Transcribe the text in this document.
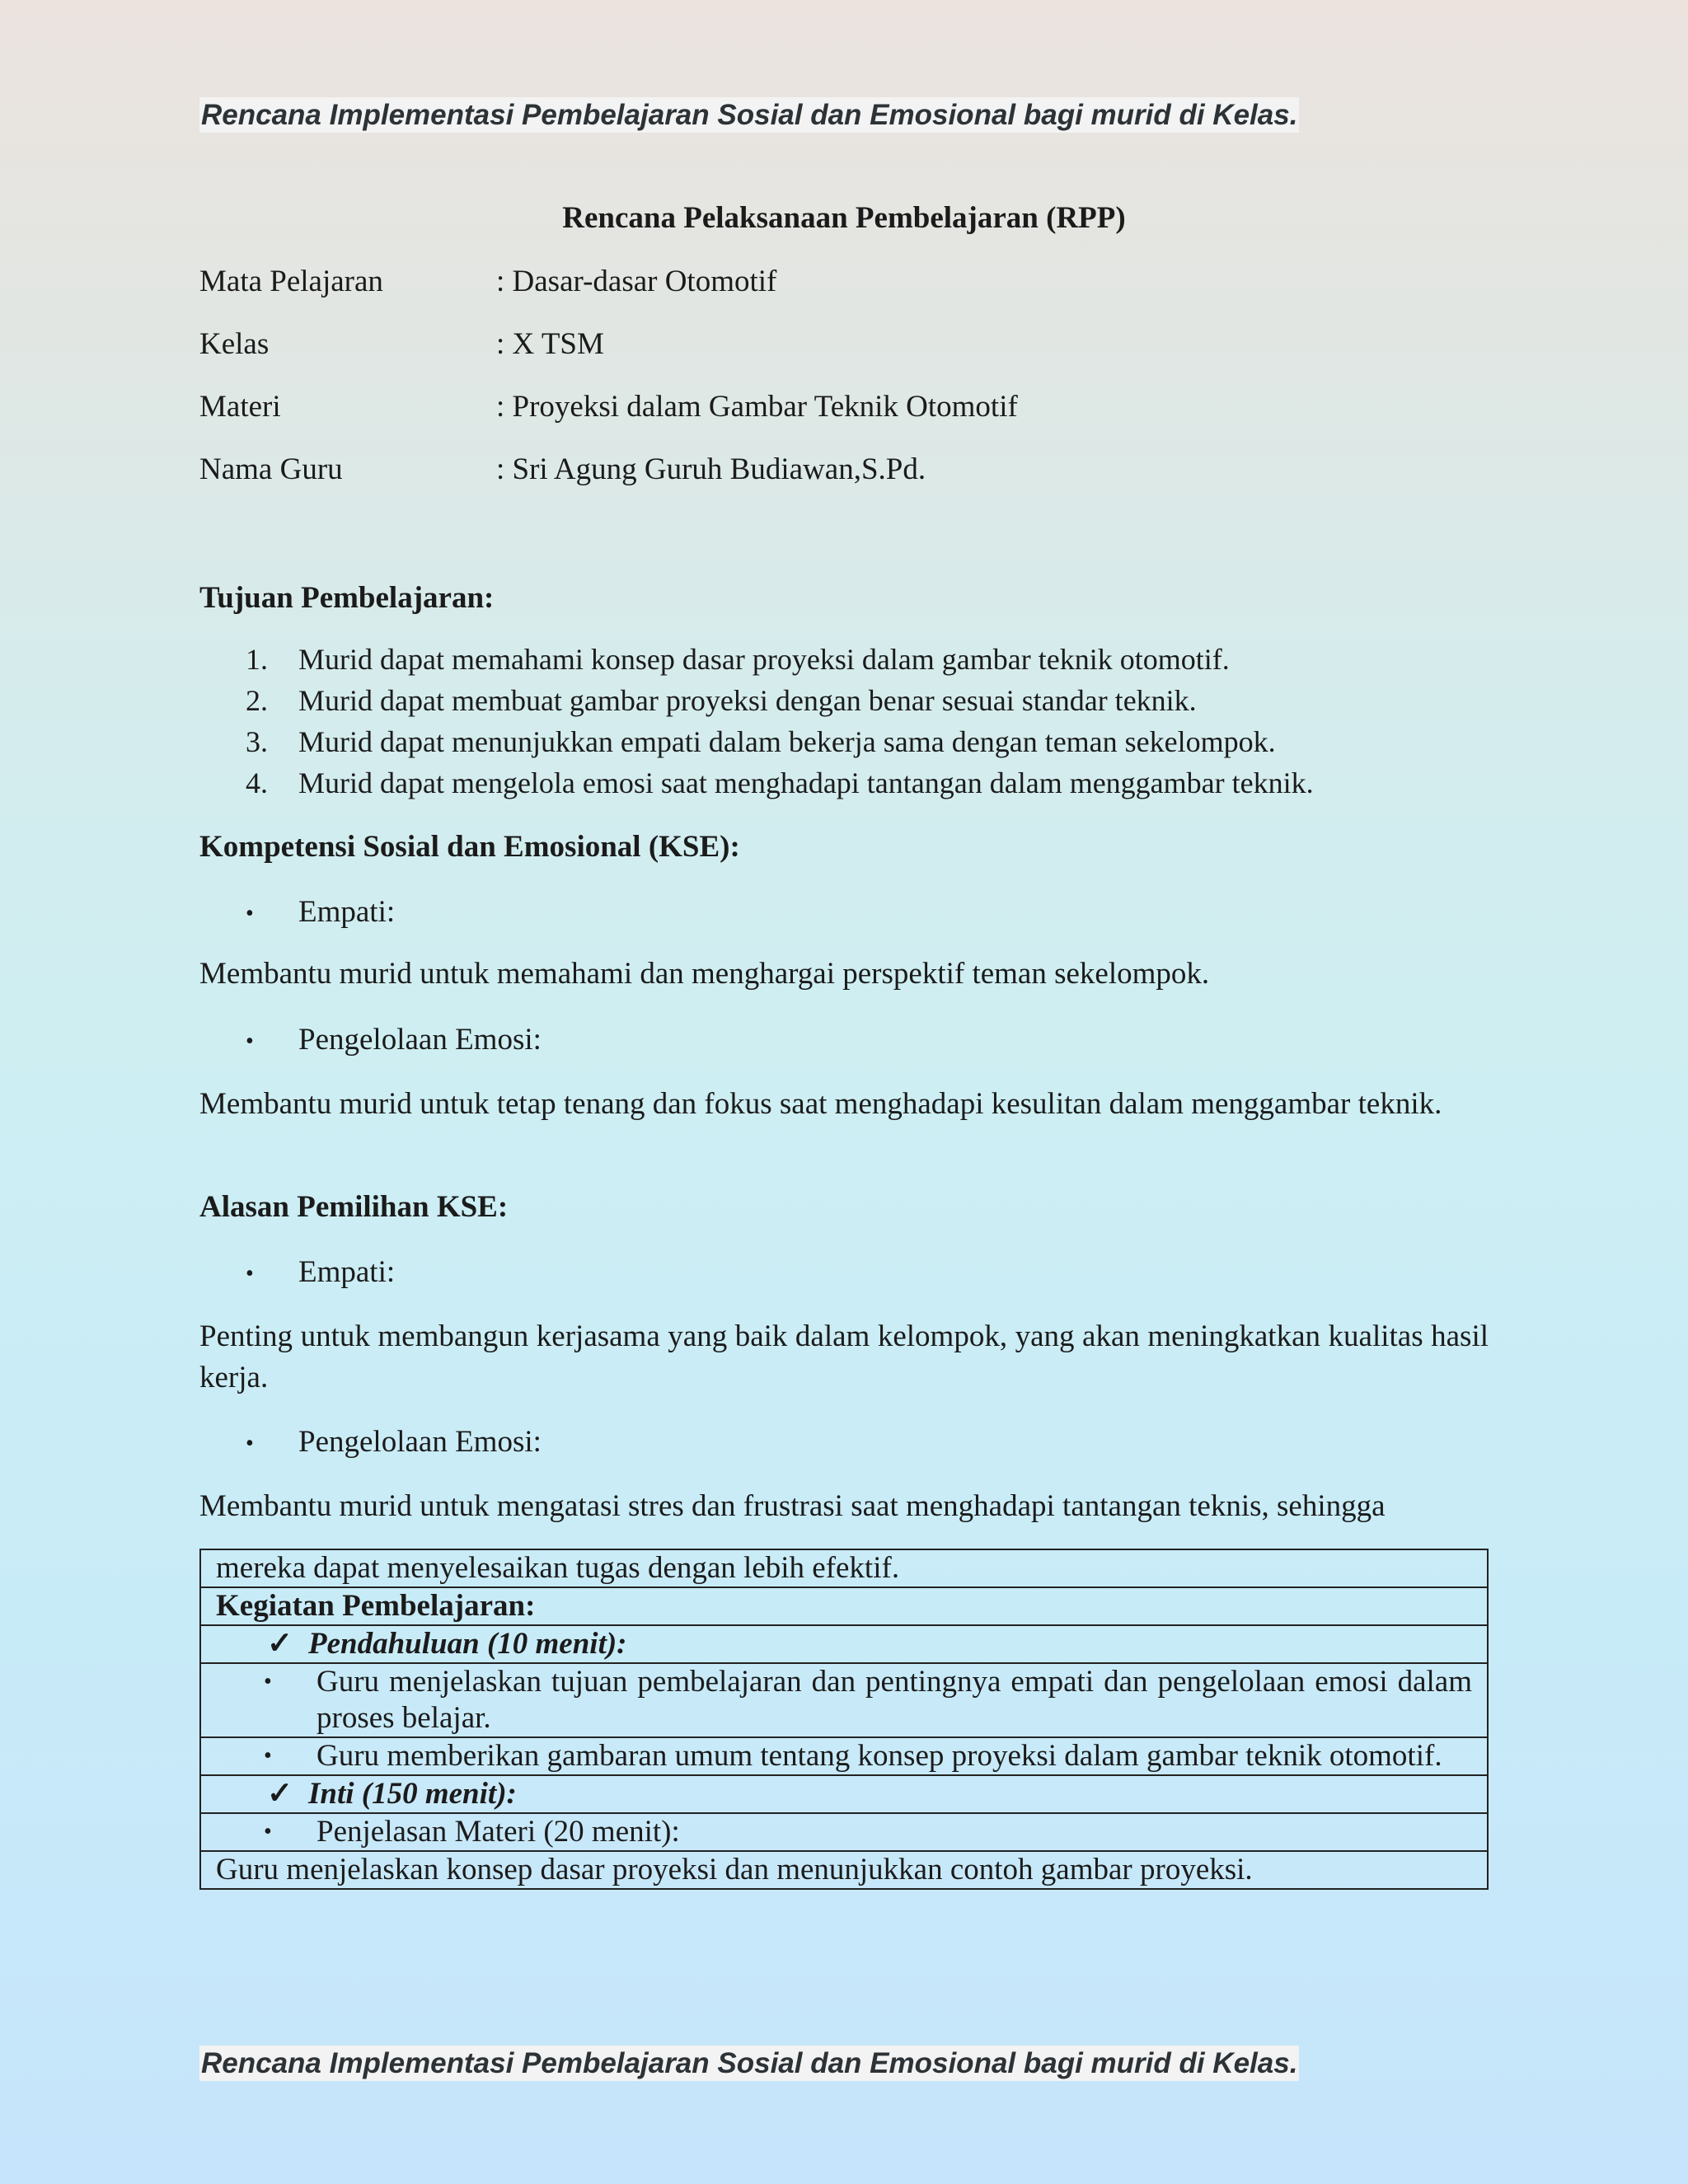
Rencana Implementasi Pembelajaran Sosial dan Emosional bagi murid di Kelas.
Rencana Pelaksanaan Pembelajaran (RPP)
Mata Pelajaran	: Dasar-dasar Otomotif
Kelas	: X TSM
Materi	: Proyeksi dalam Gambar Teknik Otomotif
Nama Guru	: Sri Agung Guruh Budiawan,S.Pd.
Tujuan Pembelajaran:
1. Murid dapat memahami konsep dasar proyeksi dalam gambar teknik otomotif.
2. Murid dapat membuat gambar proyeksi dengan benar sesuai standar teknik.
3. Murid dapat menunjukkan empati dalam bekerja sama dengan teman sekelompok.
4. Murid dapat mengelola emosi saat menghadapi tantangan dalam menggambar teknik.
Kompetensi Sosial dan Emosional (KSE):
• Empati:
Membantu murid untuk memahami dan menghargai perspektif teman sekelompok.
• Pengelolaan Emosi:
Membantu murid untuk tetap tenang dan fokus saat menghadapi kesulitan dalam menggambar teknik.
Alasan Pemilihan KSE:
• Empati:
Penting untuk membangun kerjasama yang baik dalam kelompok, yang akan meningkatkan kualitas hasil kerja.
• Pengelolaan Emosi:
Membantu murid untuk mengatasi stres dan frustrasi saat menghadapi tantangan teknis, sehingga
mereka dapat menyelesaikan tugas dengan lebih efektif.
Kegiatan Pembelajaran:
✓ Pendahuluan (10 menit):

• Guru menjelaskan tujuan pembelajaran dan pentingnya empati dan pengelolaan emosi dalam proses belajar.

• Guru memberikan gambaran umum tentang konsep proyeksi dalam gambar teknik otomotif.
✓ Inti (150 menit):

• Penjelasan Materi (20 menit):
Guru menjelaskan konsep dasar proyeksi dan menunjukkan contoh gambar proyeksi.
Rencana Implementasi Pembelajaran Sosial dan Emosional bagi murid di Kelas.
